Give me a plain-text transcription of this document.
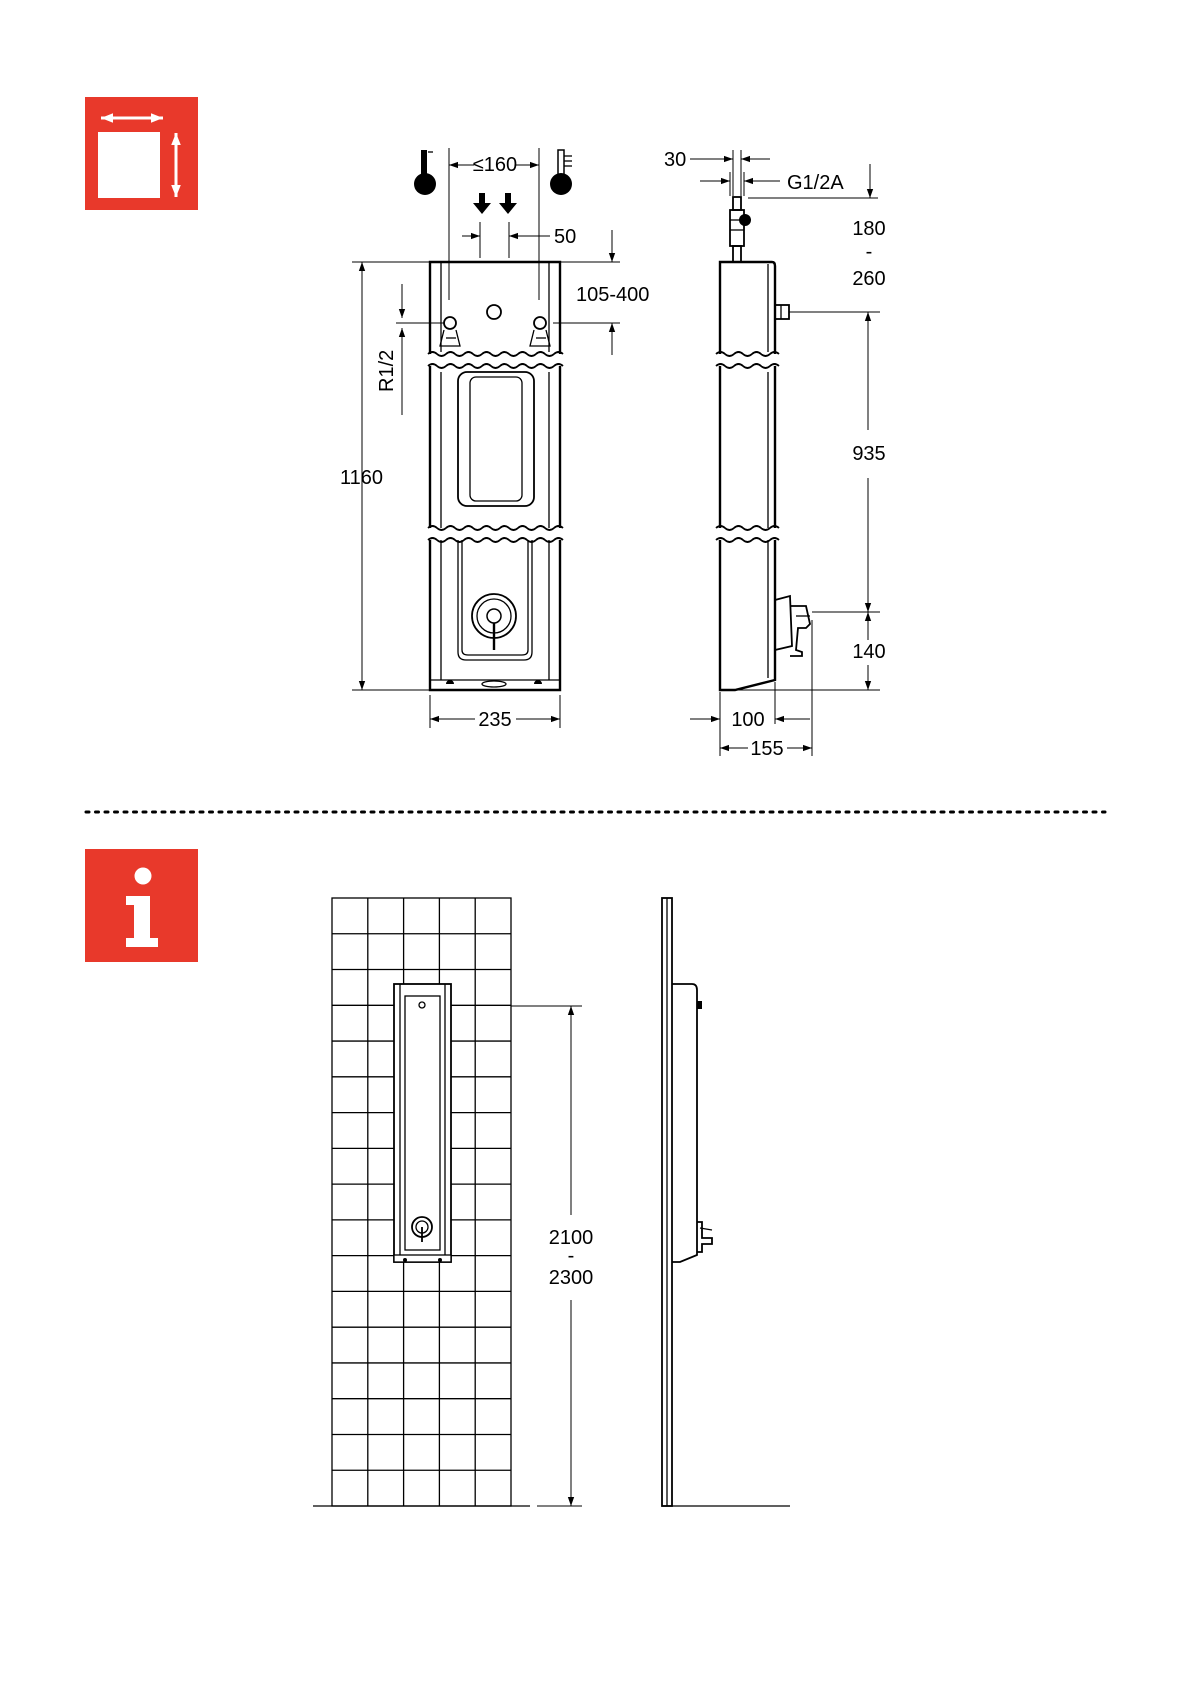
≤160
50
105-400
R1/2
1160
235
30
G1/2A
180
-
260
935
140
100
155
2100
-
2300
